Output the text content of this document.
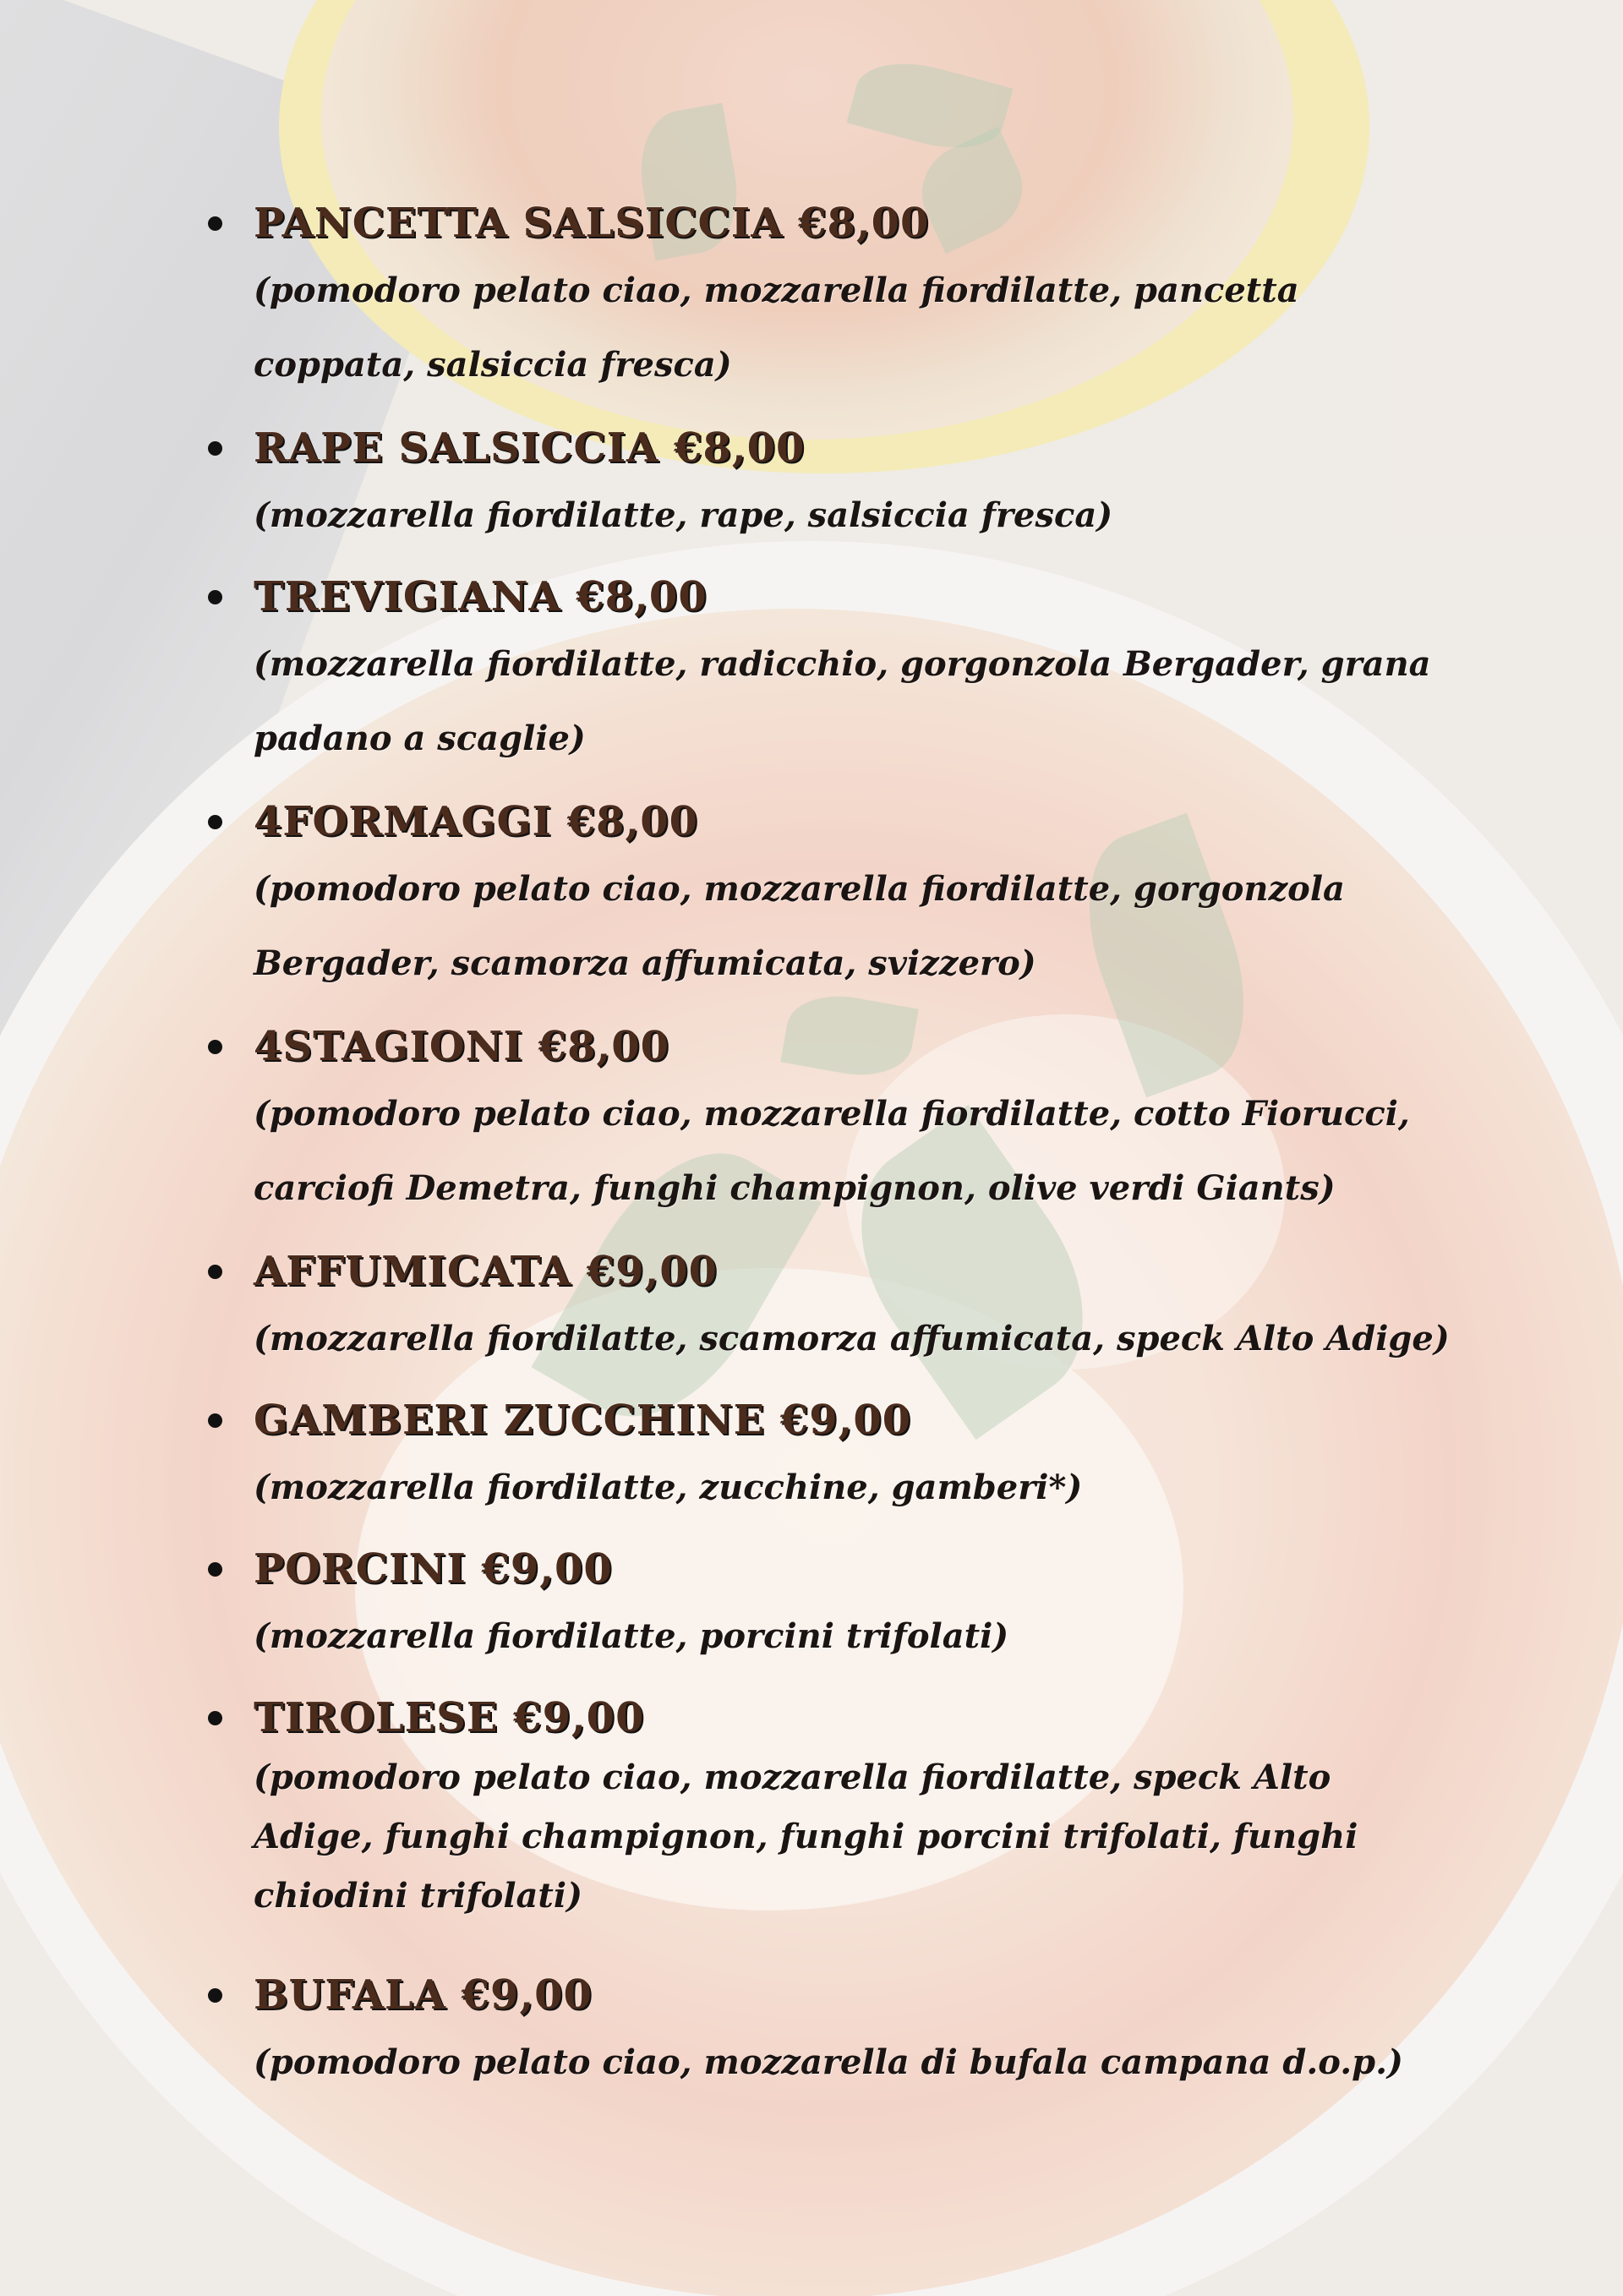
PANCETTA SALSICCIA €8,00
(pomodoro pelato ciao, mozzarella fiordilatte, pancetta coppata, salsiccia fresca)
RAPE SALSICCIA €8,00
(mozzarella fiordilatte, rape, salsiccia fresca)
TREVIGIANA €8,00
(mozzarella fiordilatte, radicchio, gorgonzola Bergader, grana padano a scaglie)
4FORMAGGI €8,00
(pomodoro pelato ciao, mozzarella fiordilatte, gorgonzola Bergader, scamorza affumicata, svizzero)
4STAGIONI €8,00
(pomodoro pelato ciao, mozzarella fiordilatte, cotto Fiorucci, carciofi Demetra, funghi champignon, olive verdi Giants)
AFFUMICATA €9,00
(mozzarella fiordilatte, scamorza affumicata, speck Alto Adige)
GAMBERI ZUCCHINE €9,00
(mozzarella fiordilatte, zucchine, gamberi*)
PORCINI €9,00
(mozzarella fiordilatte, porcini trifolati)
TIROLESE €9,00
(pomodoro pelato ciao, mozzarella fiordilatte, speck Alto Adige, funghi champignon, funghi porcini trifolati, funghi chiodini trifolati)
BUFALA €9,00
(pomodoro pelato ciao, mozzarella di bufala campana d.o.p.)
